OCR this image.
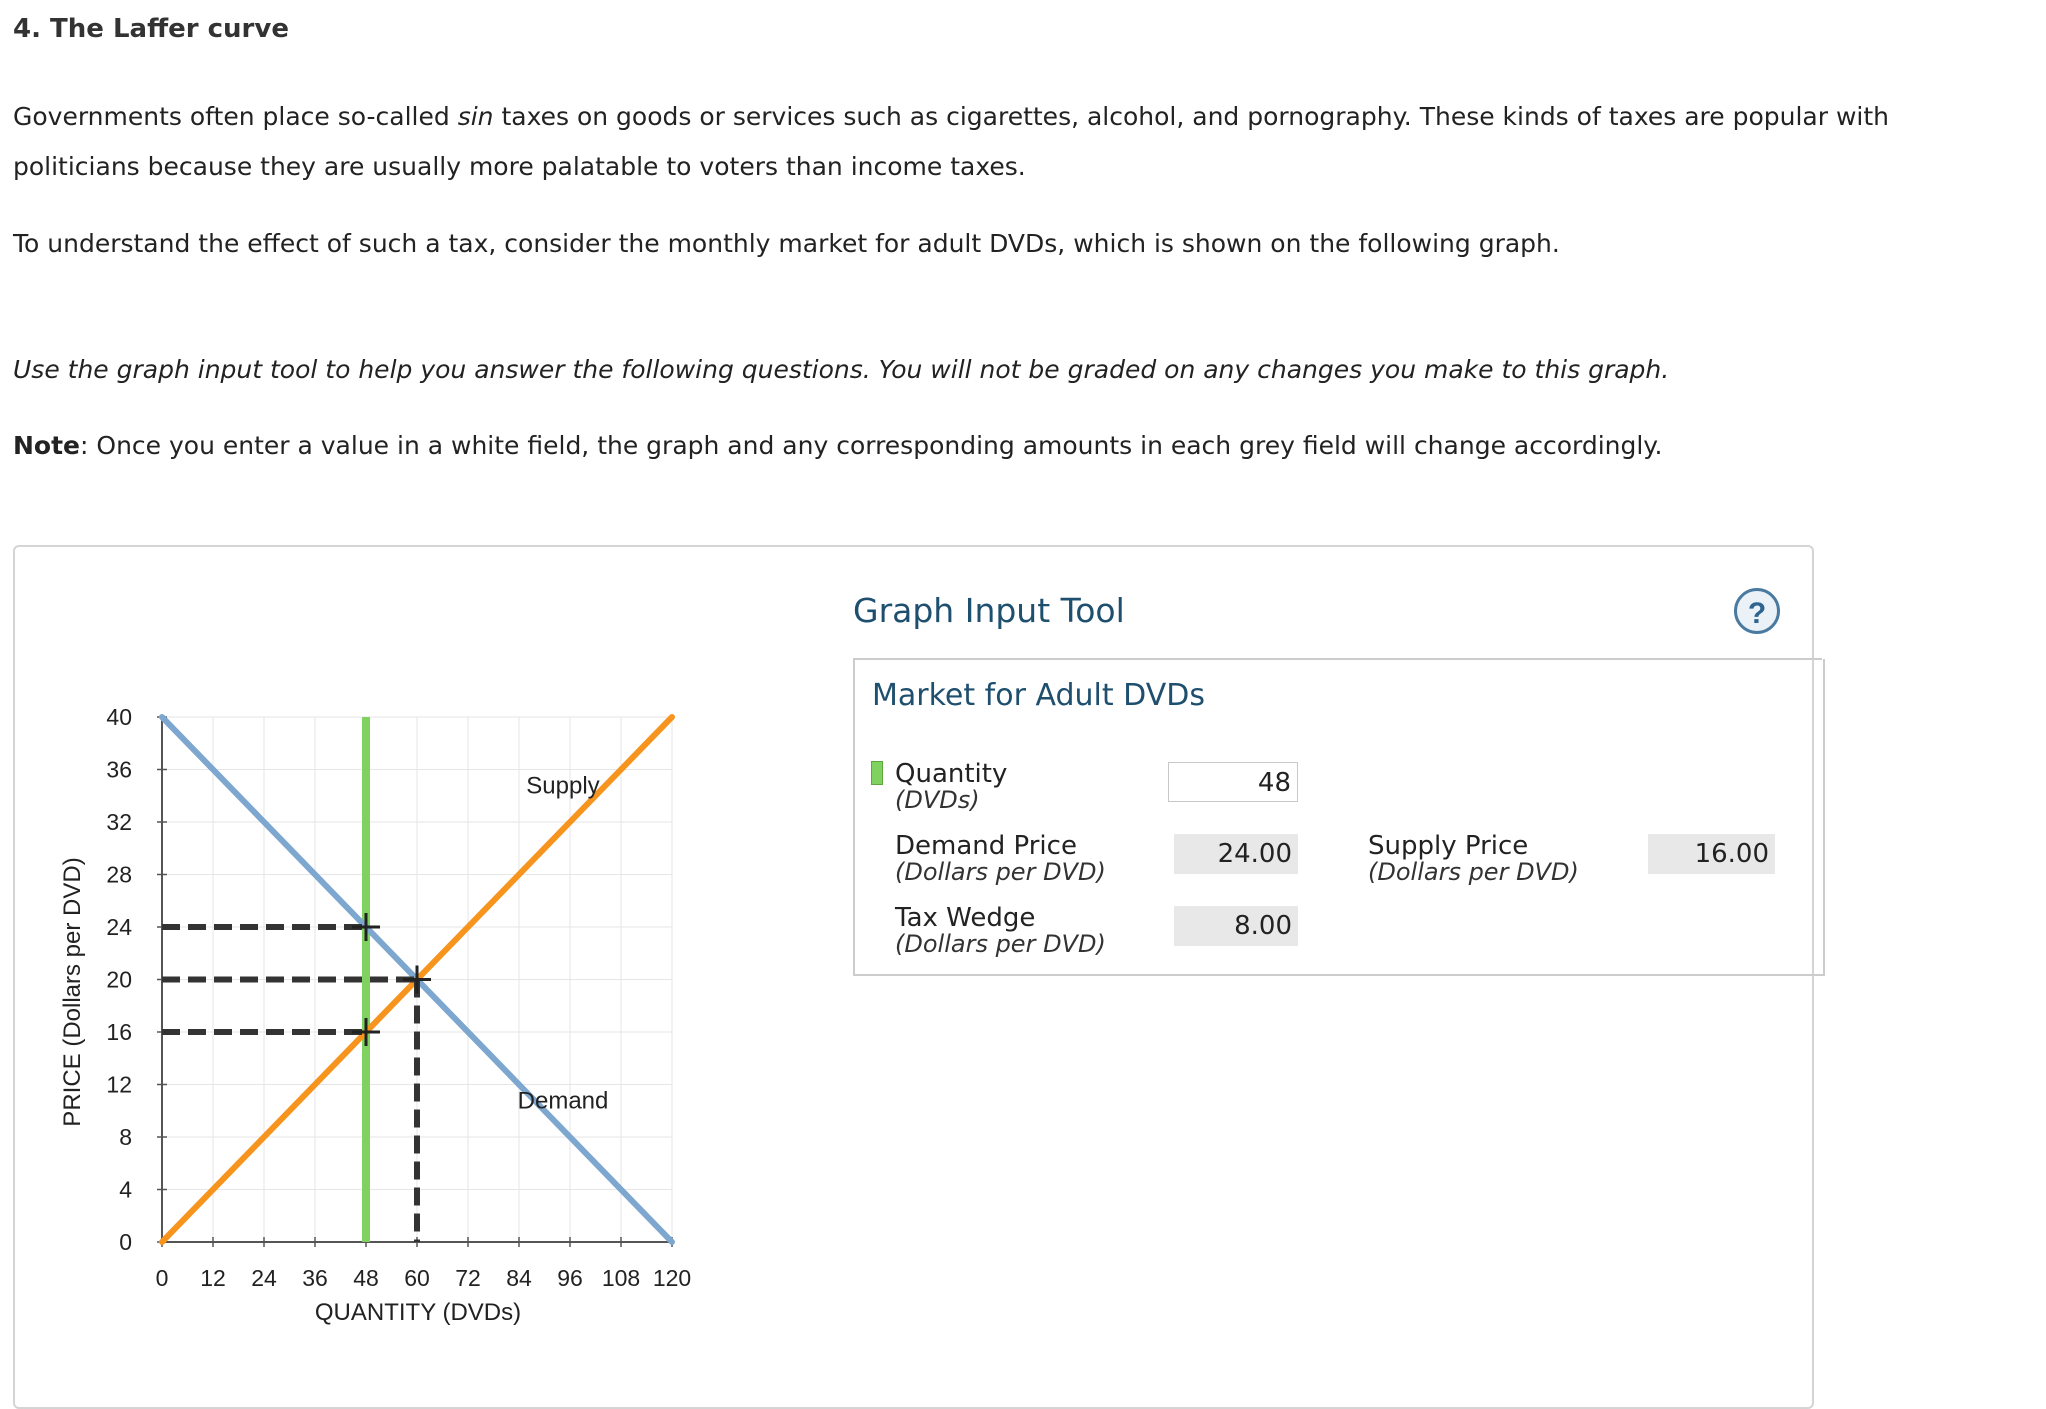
4. The Laffer curve
Governments often place so-called sin taxes on goods or services such as cigarettes, alcohol, and pornography. These kinds of taxes are popular with politicians because they are usually more palatable to voters than income taxes.
To understand the effect of such a tax, consider the monthly market for adult DVDs, which is shown on the following graph.
Use the graph input tool to help you answer the following questions. You will not be graded on any changes you make to this graph.
Note: Once you enter a value in a white field, the graph and any corresponding amounts in each grey field will change accordingly.
0
4
8
12
16
20
24
28
32
36
40
0 12 24 36 48 60 72 84 96 108 120
Supply
Demand
PRICE (Dollars per DVD)
QUANTITY (DVDs)
Graph Input Tool	?
Market for Adult DVDs
Quantity
(DVDs)
48
Demand Price
(Dollars per DVD)
24.00	Supply Price
(Dollars per DVD)
16.00
Tax Wedge
(Dollars per DVD)
8.00
